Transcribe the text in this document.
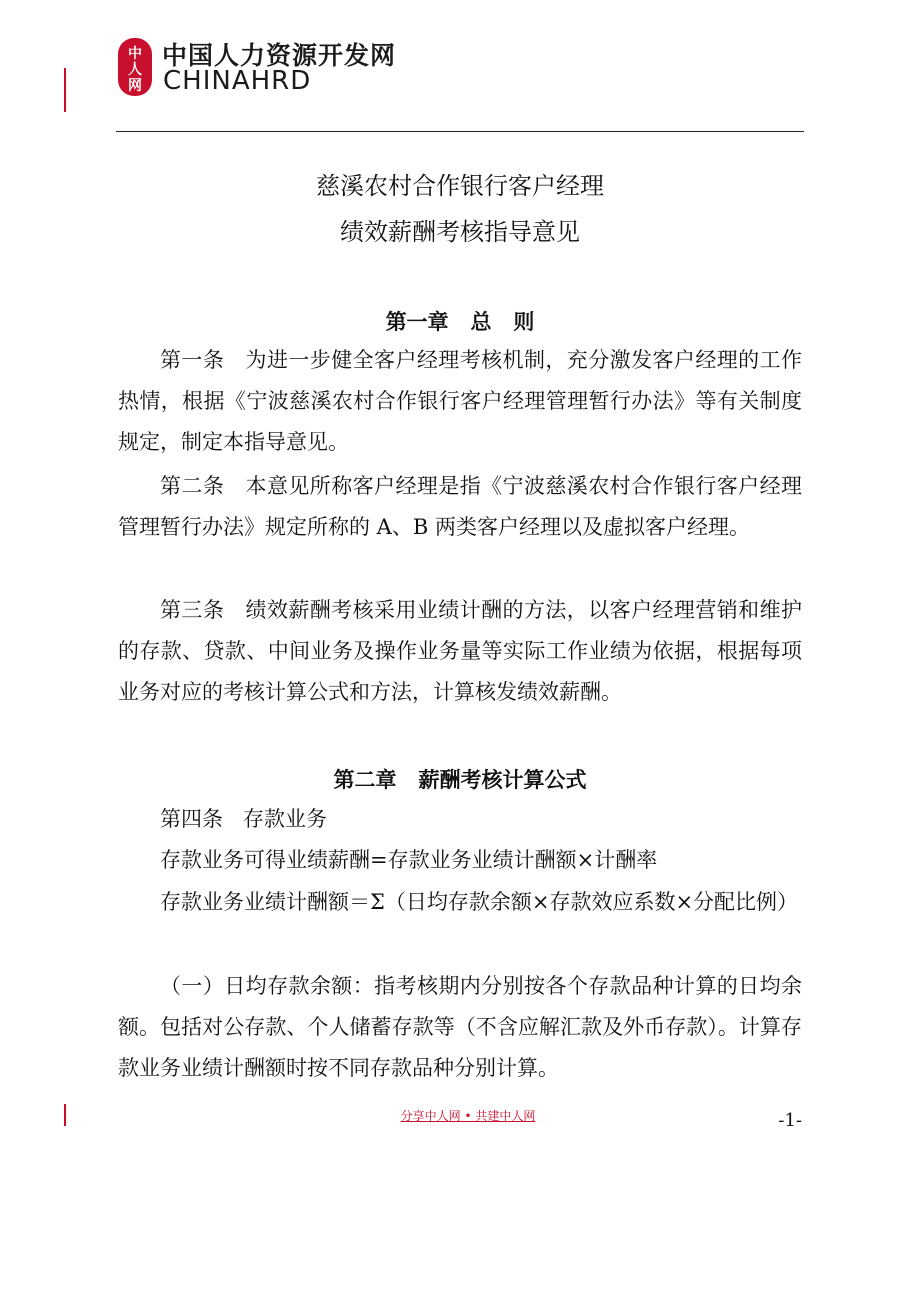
中
人
网
中国人力资源开发网
CHINAHRD
慈溪农村合作银行客户经理
绩效薪酬考核指导意见
第一章   总   则

第一条   为进一步健全客户经理考核机制，充分激发客户经理的工作热情，根据《宁波慈溪农村合作银行客户经理管理暂行办法》等有关制度规定，制定本指导意见。

第二条   本意见所称客户经理是指《宁波慈溪农村合作银行客户经理管理暂行办法》规定所称的 A、B 两类客户经理以及虚拟客户经理。

第三条   绩效薪酬考核采用业绩计酬的方法，以客户经理营销和维护的存款、贷款、中间业务及操作业务量等实际工作业绩为依据，根据每项业务对应的考核计算公式和方法，计算核发绩效薪酬。

第二章   薪酬考核计算公式

第四条   存款业务

存款业务可得业绩薪酬=存款业务业绩计酬额×计酬率

存款业务业绩计酬额＝Σ（日均存款余额×存款效应系数×分配比例）

（一）日均存款余额：指考核期内分别按各个存款品种计算的日均余额。包括对公存款、个人储蓄存款等（不含应解汇款及外币存款）。计算存款业务业绩计酬额时按不同存款品种分别计算。

分享中人网 • 共建中人网	-1-
